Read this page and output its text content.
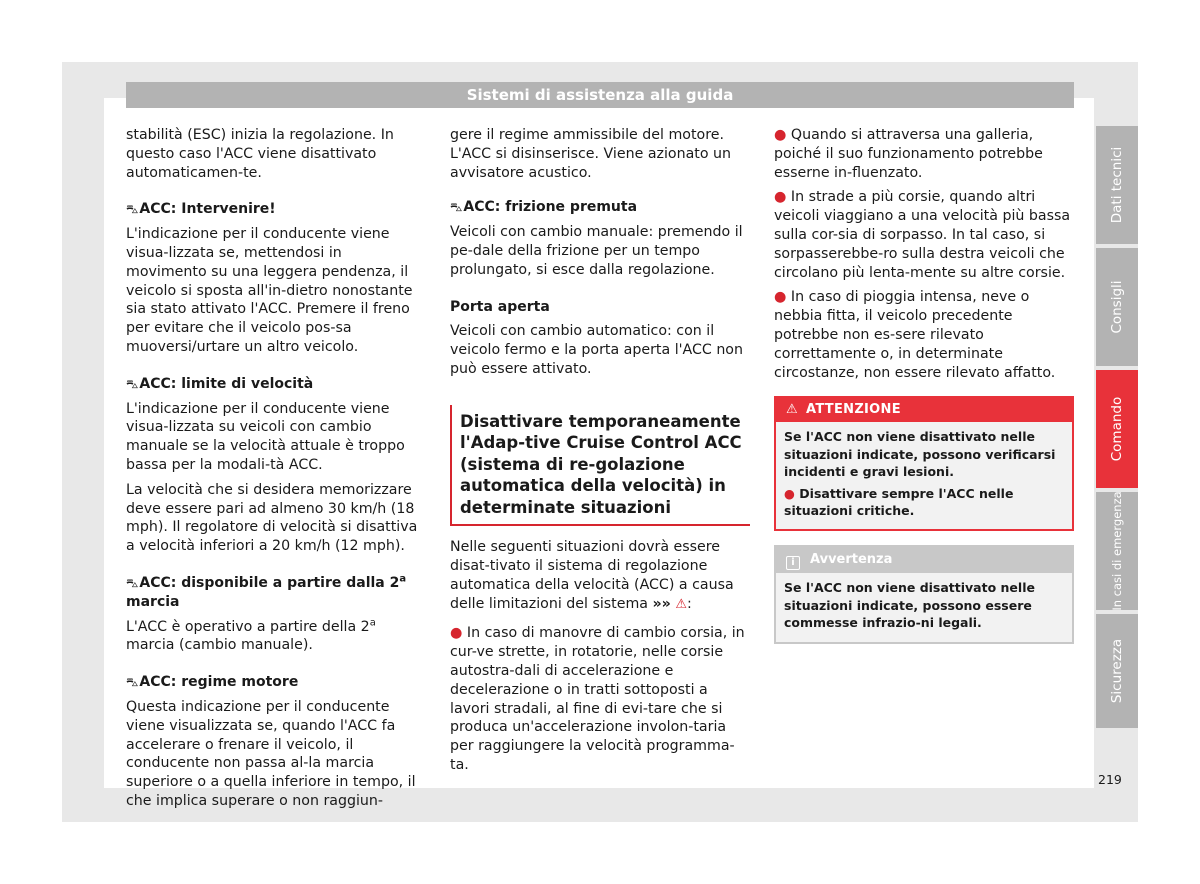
Sistemi di assistenza alla guida
stabilità (ESC) inizia la regolazione. In questo caso l'ACC viene disattivato automaticamen-te.
⛍ACC: Intervenire!
L'indicazione per il conducente viene visua-lizzata se, mettendosi in movimento su una leggera pendenza, il veicolo si sposta all'in-dietro nonostante sia stato attivato l'ACC. Premere il freno per evitare che il veicolo pos-sa muoversi/urtare un altro veicolo.
⛍ACC: limite di velocità
L'indicazione per il conducente viene visua-lizzata su veicoli con cambio manuale se la velocità attuale è troppo bassa per la modali-tà ACC.
La velocità che si desidera memorizzare deve essere pari ad almeno 30 km/h (18 mph). Il regolatore di velocità si disattiva a velocità inferiori a 20 km/h (12 mph).
⛍ACC: disponibile a partire dalla 2$^a$ marcia
L'ACC è operativo a partire della 2$^a$ marcia (cambio manuale).
⛍ACC: regime motore
Questa indicazione per il conducente viene visualizzata se, quando l'ACC fa accelerare o frenare il veicolo, il conducente non passa al-la marcia superiore o a quella inferiore in tempo, il che implica superare o non raggiun-
gere il regime ammissibile del motore. L'ACC si disinserisce. Viene azionato un avvisatore acustico.
⛍ACC: frizione premuta
Veicoli con cambio manuale: premendo il pe-dale della frizione per un tempo prolungato, si esce dalla regolazione.
Porta aperta
Veicoli con cambio automatico: con il veicolo fermo e la porta aperta l'ACC non può essere attivato.
Disattivare temporaneamente l'Adap-tive Cruise Control ACC (sistema di re-golazione automatica della velocità) in determinate situazioni
Nelle seguenti situazioni dovrà essere disat-tivato il sistema di regolazione automatica della velocità (ACC) a causa delle limitazioni del sistema »» ⚠:
● In caso di manovre di cambio corsia, in cur-ve strette, in rotatorie, nelle corsie autostra-dali di accelerazione e decelerazione o in tratti sottoposti a lavori stradali, al fine di evi-tare che si produca un'accelerazione involon-taria per raggiungere la velocità programma-ta.
● Quando si attraversa una galleria, poiché il suo funzionamento potrebbe esserne in-fluenzato.
● In strade a più corsie, quando altri veicoli viaggiano a una velocità più bassa sulla cor-sia di sorpasso. In tal caso, si sorpasserebbe-ro sulla destra veicoli che circolano più lenta-mente su altre corsie.
● In caso di pioggia intensa, neve o nebbia fitta, il veicolo precedente potrebbe non es-sere rilevato correttamente o, in determinate circostanze, non essere rilevato affatto.
⚠ ATTENZIONE
Se l'ACC non viene disattivato nelle situazioni indicate, possono verificarsi incidenti e gravi lesioni.
● Disattivare sempre l'ACC nelle situazioni critiche.
i Avvertenza
Se l'ACC non viene disattivato nelle situazioni indicate, possono essere commesse infrazio-ni legali.
Dati tecnici
Consigli
Comando
In casi di emergenza
Sicurezza
219
